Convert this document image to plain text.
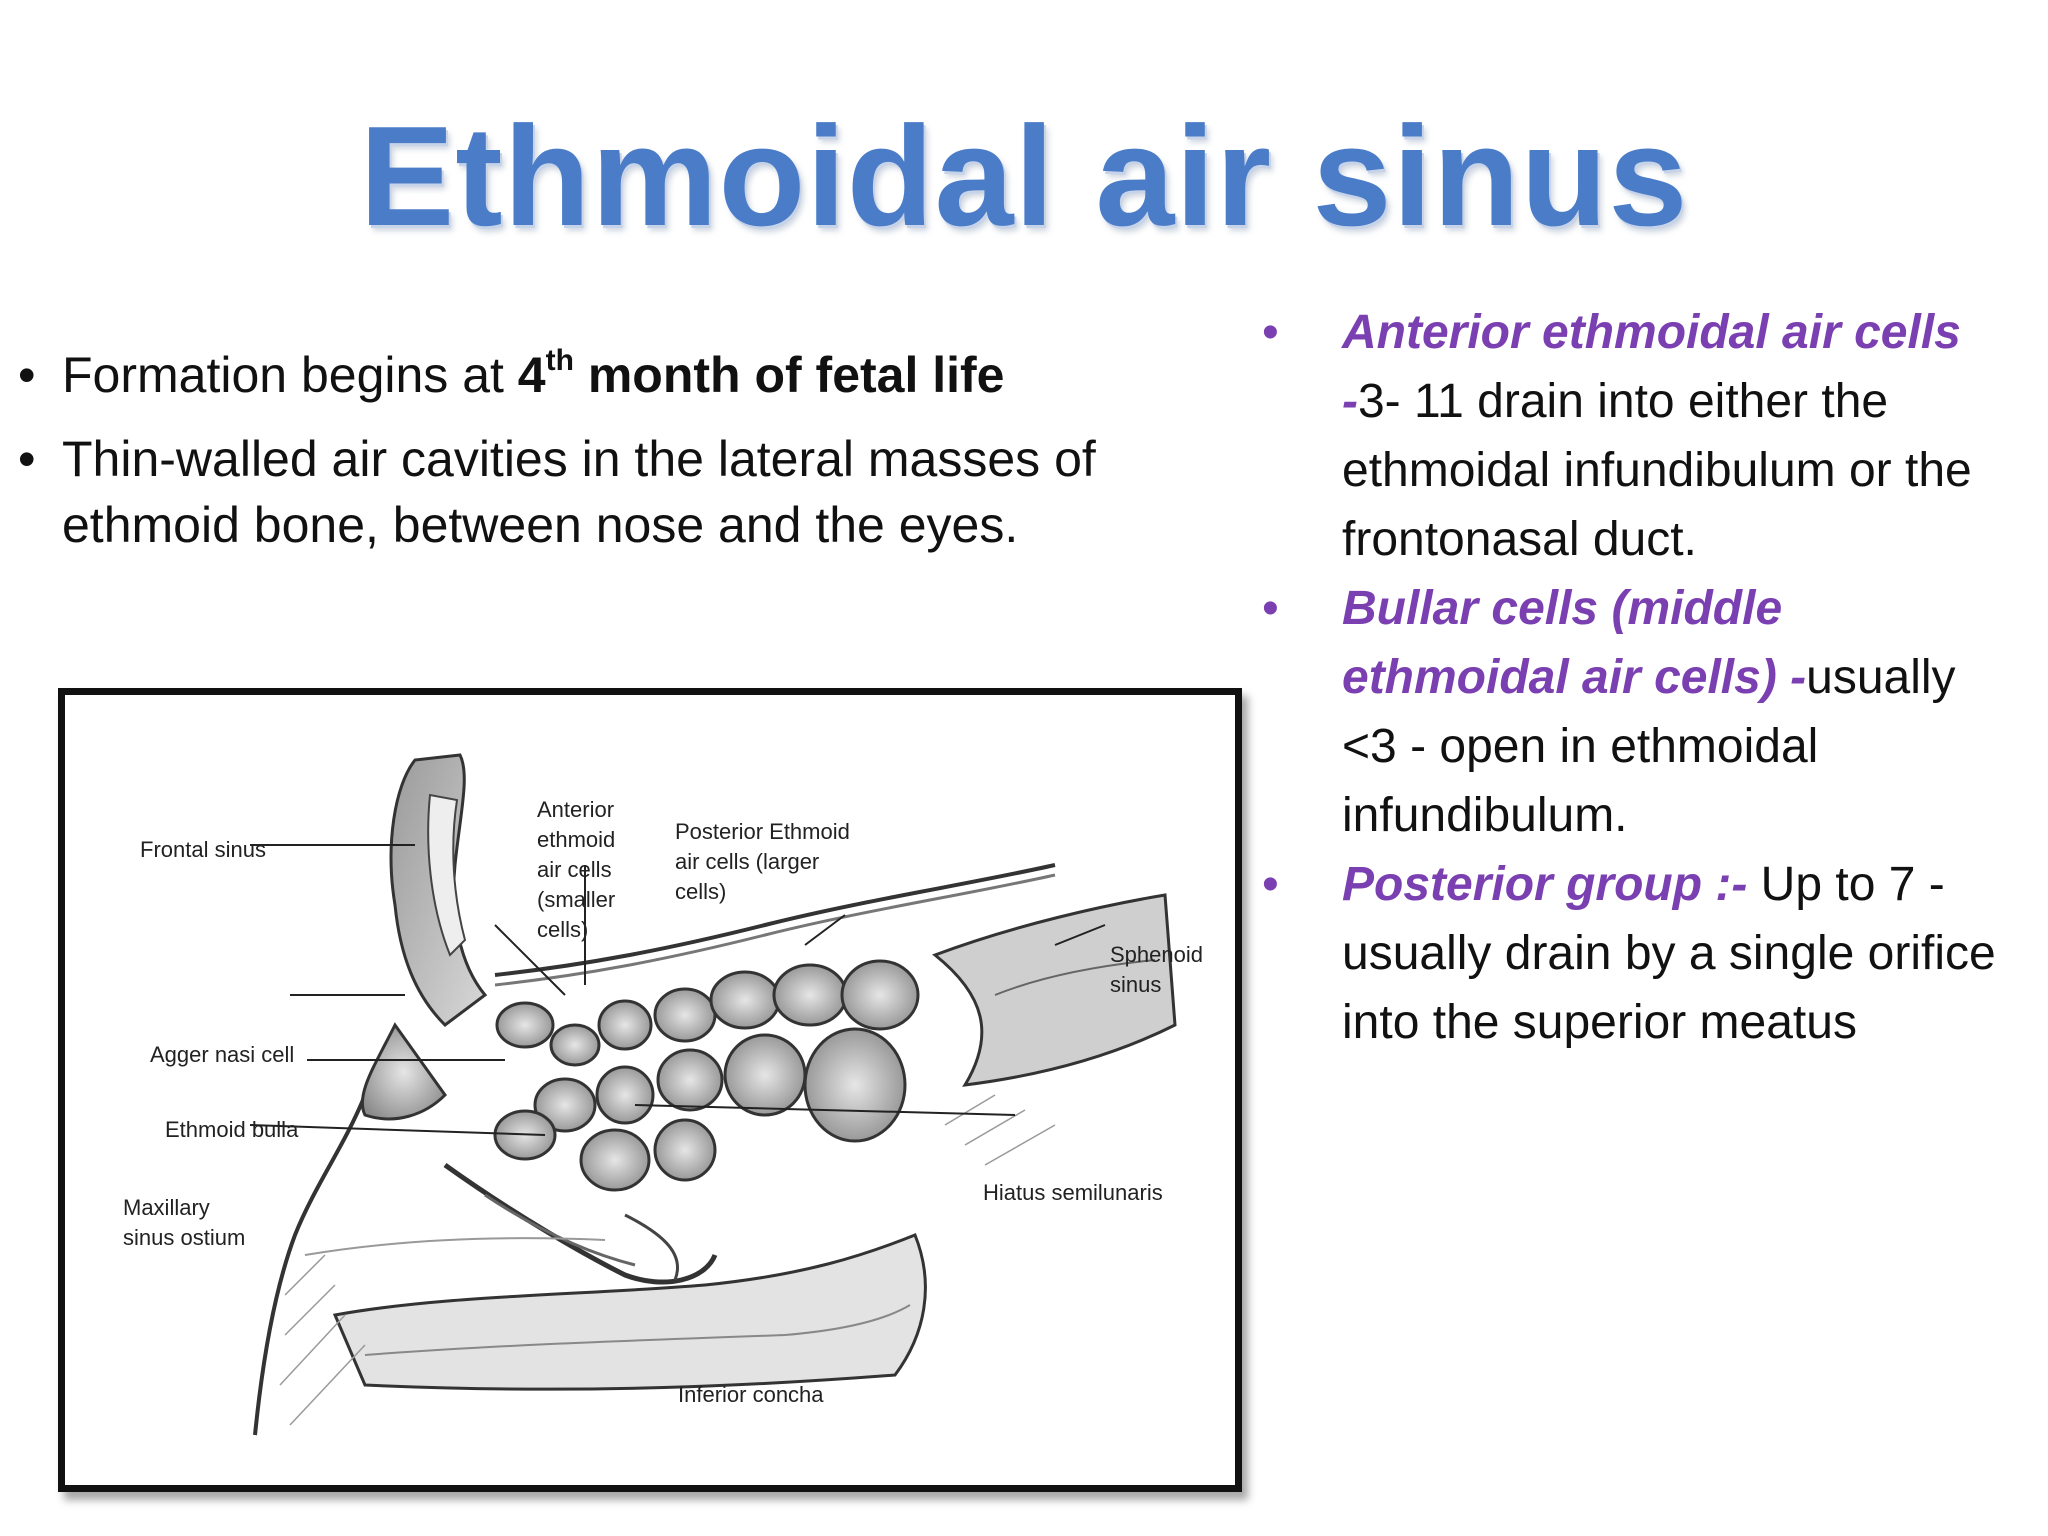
Ethmoidal air sinus
• Formation begins at 4th month of fetal life
• Thin-walled air cavities in the lateral masses of ethmoid bone, between nose and the eyes.
• Anterior ethmoidal air cells -3- 11 drain into either the ethmoidal infundibulum or the frontonasal duct.
• Bullar cells (middle ethmoidal air cells) -usually <3 - open in ethmoidal infundibulum.
• Posterior group :- Up to 7 - usually drain by a single orifice into the superior meatus
Frontal sinus
Anterior
ethmoid
air cells
(smaller
cells)
Posterior Ethmoid
air cells (larger
cells)
Sphenoid
sinus
Agger nasi cell
Ethmoid bulla
Maxillary
sinus ostium
Hiatus semilunaris
Inferior concha
